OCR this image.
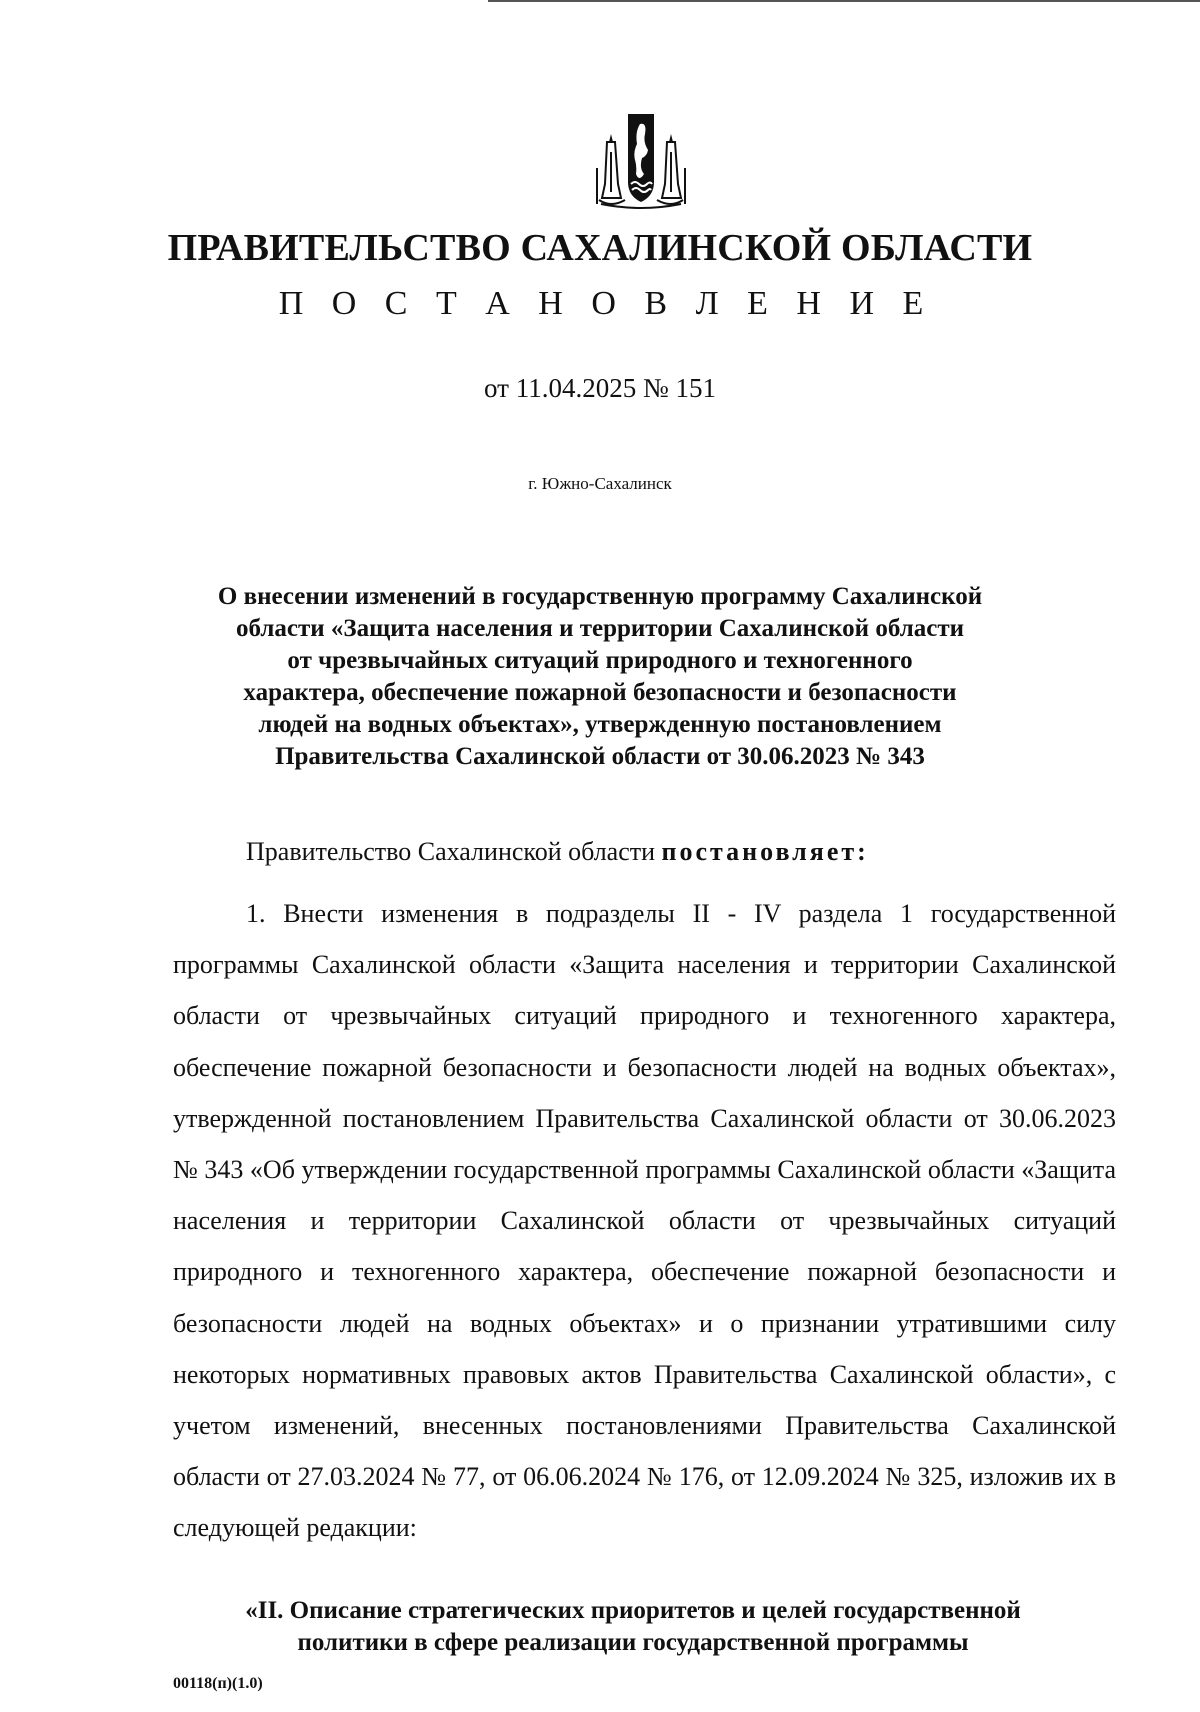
ПРАВИТЕЛЬСТВО САХАЛИНСКОЙ ОБЛАСТИ
П О С Т А Н О В Л Е Н И Е
от 11.04.2025 № 151
г. Южно-Сахалинск
О внесении изменений в государственную программу Сахалинской
области «Защита населения и территории Сахалинской области
от чрезвычайных ситуаций природного и техногенного
характера, обеспечение пожарной безопасности и безопасности
людей на водных объектах», утвержденную постановлением
Правительства Сахалинской области от 30.06.2023 № 343
Правительство Сахалинской области постановляет:

1. Внести изменения в подразделы II - IV раздела 1 государственной программы Сахалинской области «Защита населения и территории Сахалинской области от чрезвычайных ситуаций природного и техногенного характера, обеспечение пожарной безопасности и безопасности людей на водных объектах», утвержденной постановлением Правительства Сахалинской области от 30.06.2023 № 343 «Об утверждении государственной программы Сахалинской области «Защита населения и территории Сахалинской области от чрезвычайных ситуаций природного и техногенного характера, обеспечение пожарной безопасности и безопасности людей на водных объектах» и о признании утратившими силу некоторых нормативных правовых актов Правительства Сахалинской области», с учетом изменений, внесенных постановлениями Правительства Сахалинской области от 27.03.2024 № 77, от 06.06.2024 № 176, от 12.09.2024 № 325, изложив их в следующей редакции:

«II. Описание стратегических приоритетов и целей государственной
политики в сфере реализации государственной программы
00118(п)(1.0)
